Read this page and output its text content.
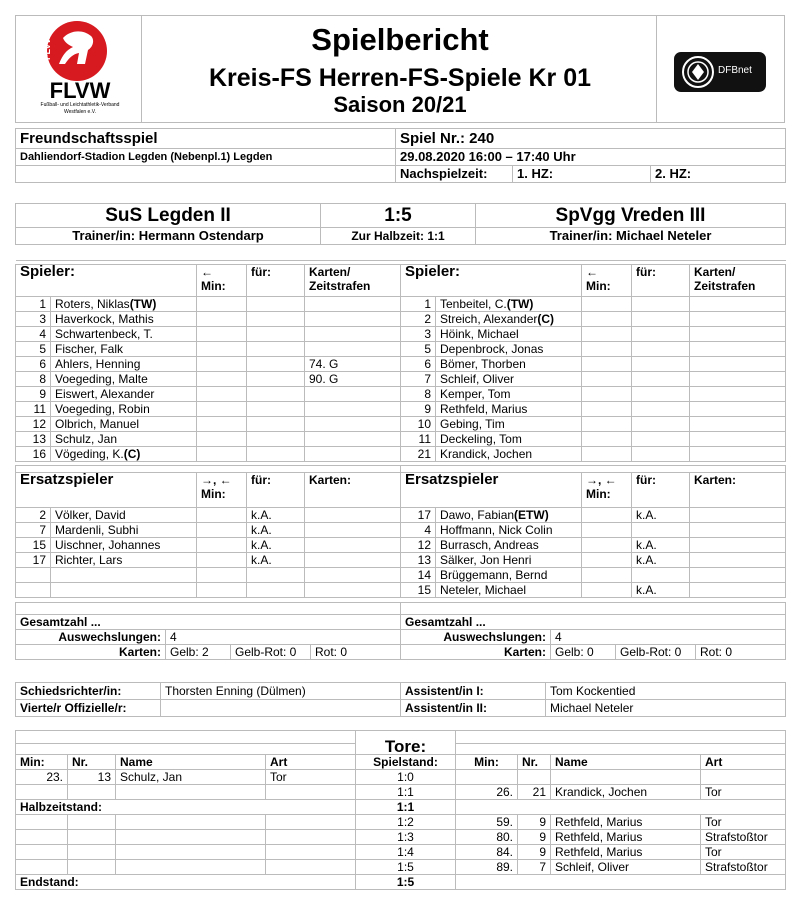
FLVW
FLVW
Fußball- und Leichtathletik-Verband Westfalen e.V.
Spielbericht
Kreis-FS Herren-FS-Spiele Kr 01
Saison 20/21
DFBnet
Freundschaftsspiel	Spiel Nr.: 240		
Dahliendorf-Stadion Legden (Nebenpl.1) Legden	29.08.2020 16:00 – 17:40 Uhr		
	Nachspielzeit:	1. HZ:	2. HZ:
SuS Legden II	1:5	SpVgg Vreden III
Trainer/in: Hermann Ostendarp	Zur Halbzeit: 1:1	Trainer/in: Michael Neteler

Spieler:		←
Min:	für:	Karten/
Zeitstrafen
1	Roters, Niklas(TW)			
3	Haverkock, Mathis			
4	Schwartenbeck, T.			
5	Fischer, Falk			
6	Ahlers, Henning			74. G
8	Voegeding, Malte			90. G
9	Eiswert, Alexander			
11	Voegeding, Robin			
12	Olbrich, Manuel			
13	Schulz, Jan			
16	Vögeding, K.(C)			

Spieler:		←
Min:	für:	Karten/
Zeitstrafen
1	Tenbeitel, C.(TW)			
2	Streich, Alexander(C)			
3	Höink, Michael			
5	Depenbrock, Jonas			
6	Bömer, Thorben			
7	Schleif, Oliver			
8	Kemper, Tom			
9	Rethfeld, Marius			
10	Gebing, Tim			
11	Deckeling, Tom			
21	Krandick, Jochen			

Ersatzspieler		→, ←
Min:	für:	Karten:
2	Völker, David		k.A.	
7	Mardenli, Subhi		k.A.	
15	Uischner, Johannes		k.A.	
17	Richter, Lars		k.A.	

Ersatzspieler		→, ←
Min:	für:	Karten:
17	Dawo, Fabian(ETW)		k.A.	
4	Hoffmann, Nick Colin			
12	Burrasch, Andreas		k.A.	
13	Sälker, Jon Henri		k.A.	
14	Brüggemann, Bernd			
15	Neteler, Michael		k.A.	

Gesamtzahl ...			
Auswechslungen:	4		
Karten:	Gelb: 2	Gelb-Rot: 0	Rot: 0

Gesamtzahl ...			
Auswechslungen:	4		
Karten:	Gelb: 0	Gelb-Rot: 0	Rot: 0
Schiedsrichter/in:	Thorsten Enning (Dülmen)	Assistent/in I:	Tom Kockentied
Vierte/r Offizielle/r:		Assistent/in II:	Michael Neteler
				Tore:				

Min:	Nr.	Name	Art	Spielstand:	Min:	Nr.	Name	Art
23.	13	Schulz, Jan	Tor	1:0				
				1:1	26.	21	Krandick, Jochen	Tor
Halbzeitstand:				1:1				
				1:2	59.	9	Rethfeld, Marius	Tor
				1:3	80.	9	Rethfeld, Marius	Strafstoßtor
				1:4	84.	9	Rethfeld, Marius	Tor
				1:5	89.	7	Schleif, Oliver	Strafstoßtor
Endstand:				1:5				
